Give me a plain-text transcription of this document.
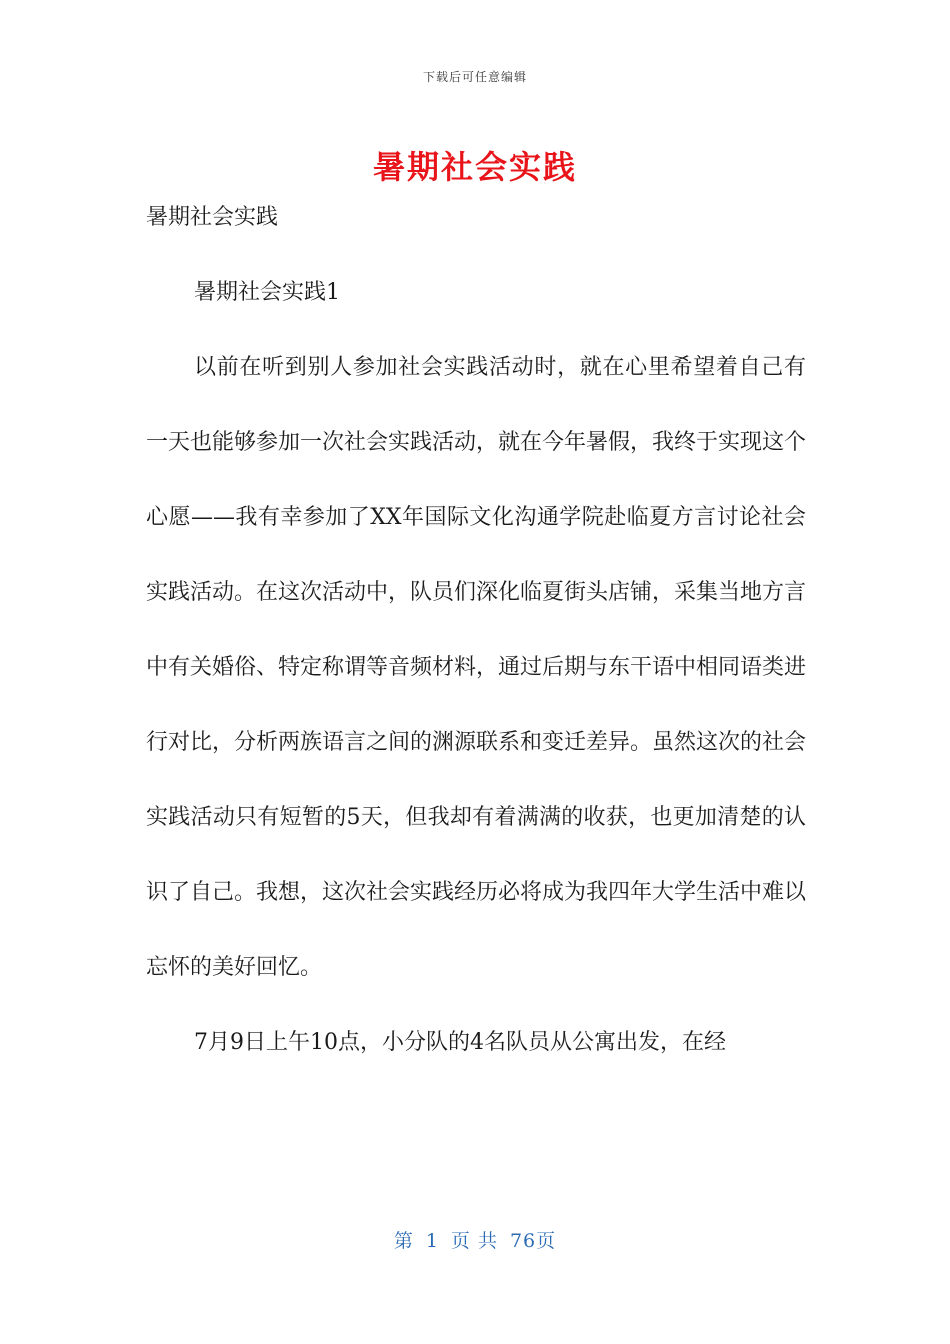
下载后可任意编辑
暑期社会实践

暑期社会实践

暑期社会实践1

以前在听到别人参加社会实践活动时，就在心里希望着自己有一天也能够参加一次社会实践活动，就在今年暑假，我终于实现这个心愿——我有幸参加了XX年国际文化沟通学院赴临夏方言讨论社会实践活动。在这次活动中，队员们深化临夏街头店铺，采集当地方言中有关婚俗、特定称谓等音频材料，通过后期与东干语中相同语类进行对比，分析两族语言之间的渊源联系和变迁差异。虽然这次的社会实践活动只有短暂的5天，但我却有着满满的收获，也更加清楚的认识了自己。我想，这次社会实践经历必将成为我四年大学生活中难以忘怀的美好回忆。

7月9日上午10点，小分队的4名队员从公寓出发，在经

第 1 页 共 76页
